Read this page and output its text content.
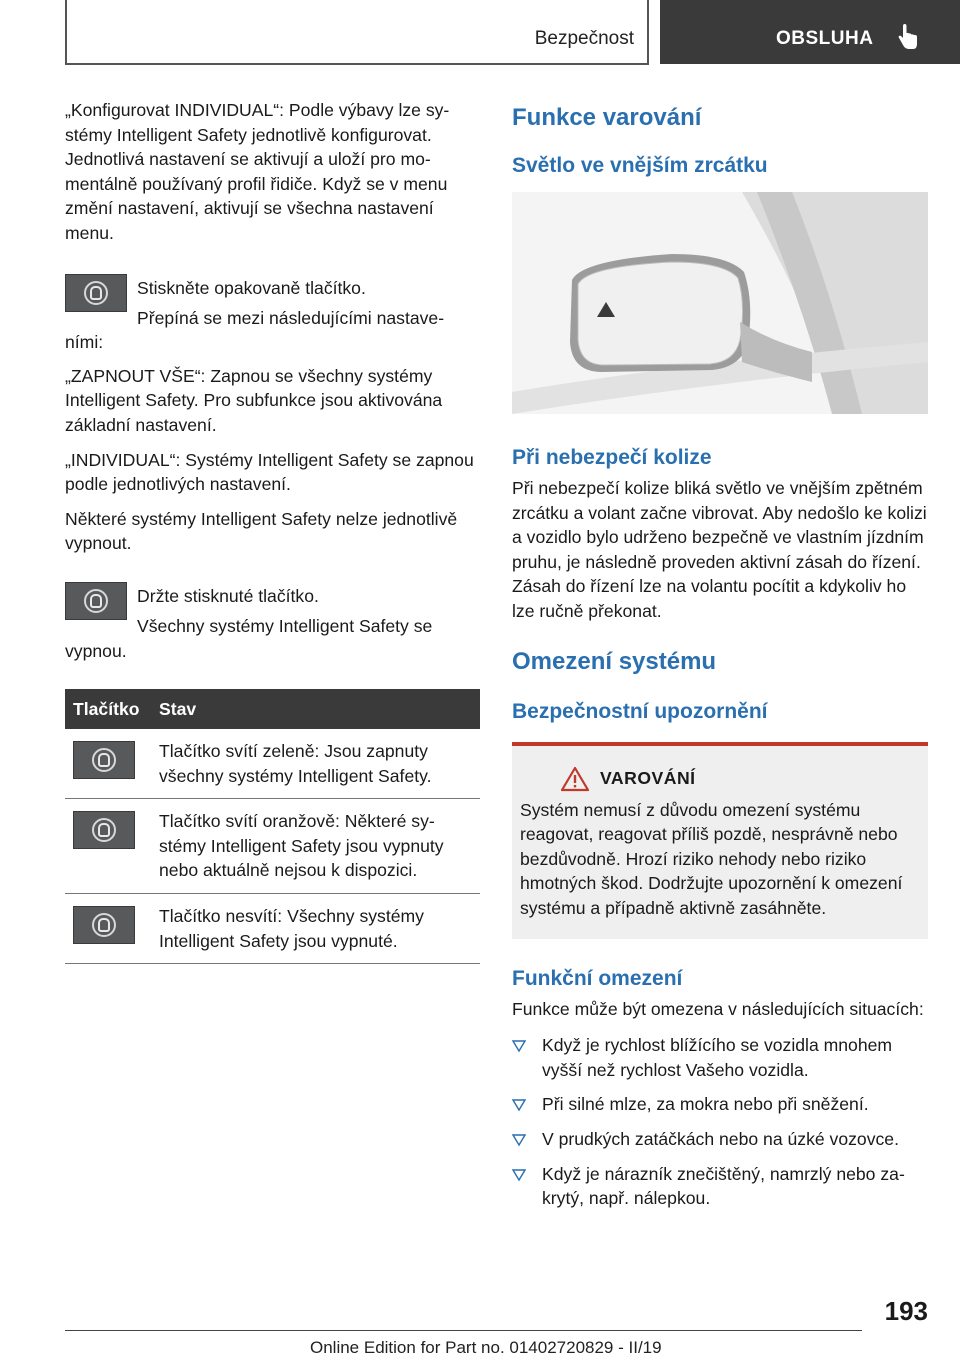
Bezpečnost	OBSLUHA

„Konfigurovat INDIVIDUAL“: Podle výbavy lze systémy Intelligent Safety jednotlivě konfigurovat. Jednotlivá nastavení se aktivují a uloží pro momentálně používaný profil řidiče. Když se v menu změní nastavení, aktivují se všechna nastavení menu.

Stiskněte opakovaně tlačítko.

Přepíná se mezi následujícími nastave-

ními:

„ZAPNOUT VŠE“: Zapnou se všechny systémy Intelligent Safety. Pro subfunkce jsou aktivována základní nastavení.

„INDIVIDUAL“: Systémy Intelligent Safety se zapnou podle jednotlivých nastavení.

Některé systémy Intelligent Safety nelze jednotlivě vypnout.

Držte stisknuté tlačítko.

Všechny systémy Intelligent Safety se

vypnou.

Tlačítko	Stav

	Tlačítko svítí zeleně: Jsou zapnuty všechny systémy Intelligent Safety.

	Tlačítko svítí oranžově: Některé systémy Intelligent Safety jsou vypnuty nebo aktuálně nejsou k dispozici.

	Tlačítko nesvítí: Všechny systémy Intelligent Safety jsou vypnuté.
Funkce varování
Světlo ve vnějším zrcátku
Při nebezpečí kolize

Při nebezpečí kolize bliká světlo ve vnějším zpětném zrcátku a volant začne vibrovat. Aby nedošlo ke kolizi a vozidlo bylo udrženo bezpečně ve vlastním jízdním pruhu, je následně proveden aktivní zásah do řízení. Zásah do řízení lze na volantu pocítit a kdykoliv ho lze ručně překonat.

Omezení systému
Bezpečnostní upozornění
VAROVÁNÍ

Systém nemusí z důvodu omezení systému reagovat, reagovat příliš pozdě, nesprávně nebo bezdůvodně. Hrozí riziko nehody nebo riziko hmotných škod. Dodržujte upozornění k omezení systému a případně aktivně zasáhněte.

Funkční omezení

Funkce může být omezena v následujících situacích:

Když je rychlost blížícího se vozidla mnohem vyšší než rychlost Vašeho vozidla.
Při silné mlze, za mokra nebo při sněžení.
V prudkých zatáčkách nebo na úzké vozovce.
Když je nárazník znečištěný, namrzlý nebo zakrytý, např. nálepkou.
193
Online Edition for Part no. 01402720829 - II/19
